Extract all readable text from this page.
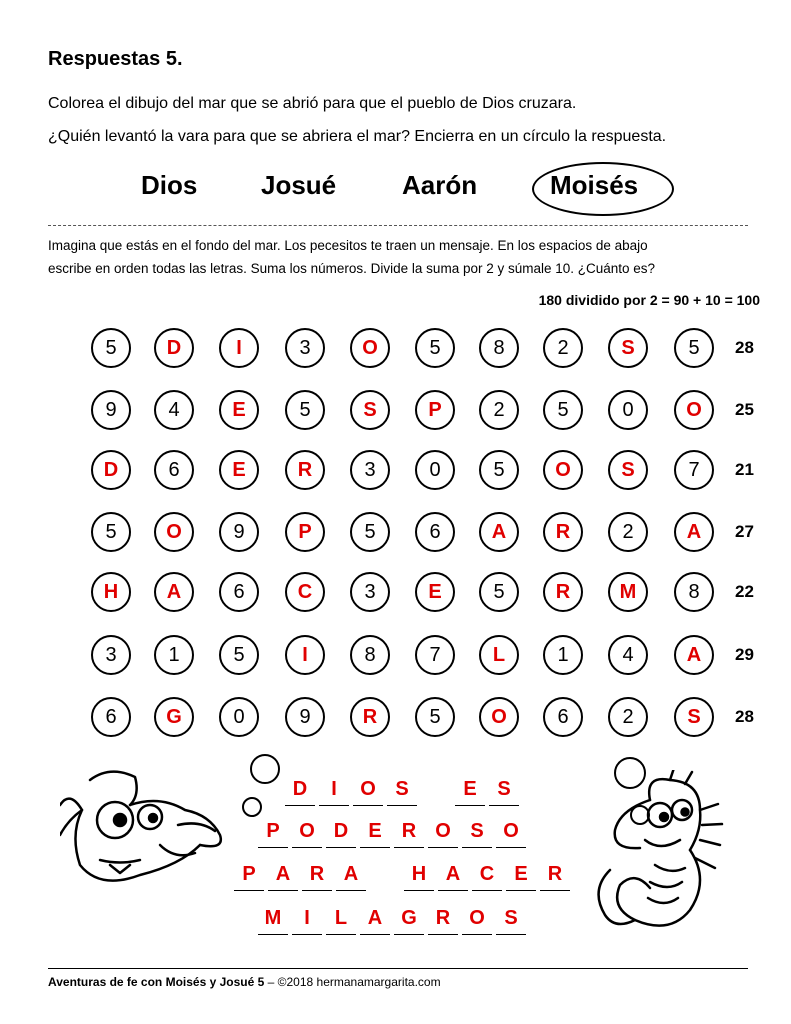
Respuestas 5.
Colorea el dibujo del mar que se abrió para que el pueblo de Dios cruzara.
¿Quién levantó la vara para que se abriera el mar? Encierra en un círculo la respuesta.
Dios Josué	Aarón	Moisés
Imagina que estás en el fondo del mar. Los pecesitos te traen un mensaje. En los espacios de abajo
escribe en orden todas las letras. Suma los números. Divide la suma por 2 y súmale 10. ¿Cuánto es?
180 dividido por 2 = 90 + 10 = 100
5	D	I	3	O	5	8	2	S	5	28
9	4	E	5	S	P	2	5	0	O	25
D	6	E	R	3	0	5	O	S	7	21
5	O	9	P	5	6	A	R	2	A	27
H	A	6	C	3	E	5	R	M	8	22
3	1	5	I	8	7	L	1	4	A	29
6	G	0	9	R	5	O	6	2	S	28
D	I	O S	E	S
P O D	E	R O S O
P	A R A	H A C	E	R
M	I	L	A G R O S
Aventuras de fe con Moisés y Josué 5 – ©2018 hermanamargarita.com
